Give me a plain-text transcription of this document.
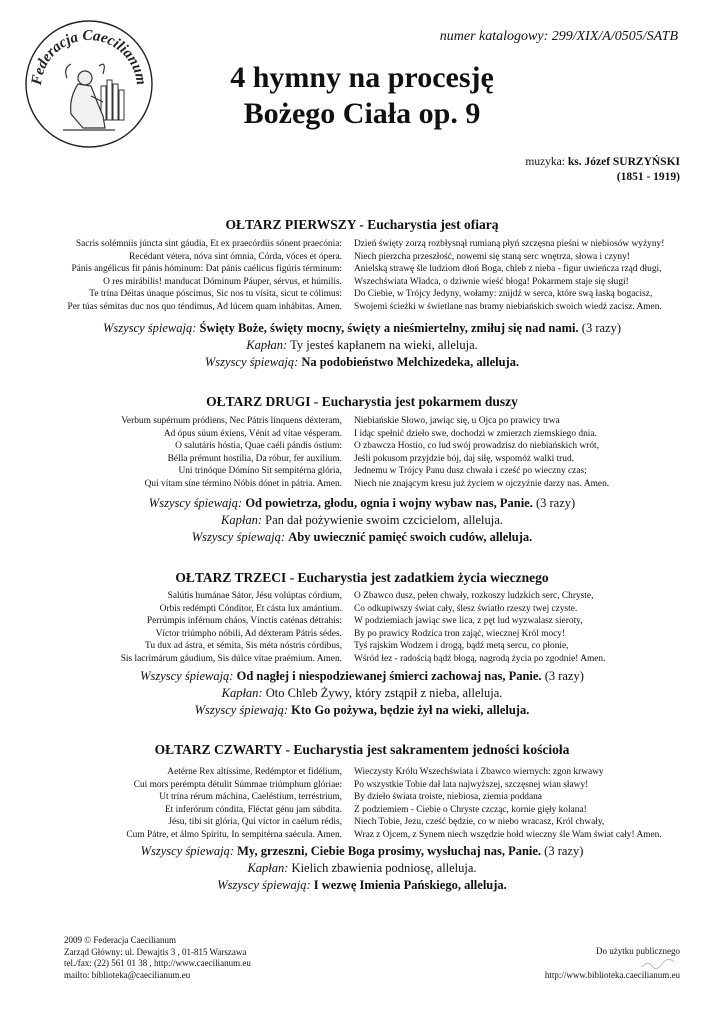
Federacja Caecilianum
numer katalogowy: 299/XIX/A/0505/SATB
4 hymny na procesję
Bożego Ciała op. 9
muzyka: ks. Józef SURZYŃSKI
(1851 - 1919)
OŁTARZ PIERWSZY - Eucharystia jest ofiarą
Sacris solémniis júncta sint gáudia, Et ex praecórdiis sónent praecónia:
Recédant vétera, nóva sint ómnia, Córda, vóces et ópera.
Pánis angélicus fit pánis hóminum: Dat pánis caélicus figúris términum:
O res mirábilis! manducat Dóminum Páuper, sérvus, et húmilis.
Te trína Déitas únaque póscimus, Sic nos tu vísita, sicut te cólimus:
Per túas sémitas duc nos quo téndimus, Ad lúcem quam inhábitas. Amen.
Dzień święty zorzą rozbłysnął rumianą płyń szczęsna pieśni w niebiosów wyżyny!
Niech pierzcha przeszłość, nowemi się staną serc wnętrza, słowa i czyny!
Anielską strawę śle ludziom dłoń Boga, chleb z nieba - figur uwieńcza rząd długi,
Wszechświata Władca, o dziwnie wieść błoga! Pokarmem staje się sługi!
Do Ciebie, w Trójcy Jedyny, wołamy: znijdź w serca, które swą łaską bogacisz,
Swojemi ścieżki w świetlane nas bramy niebiańskich swoich wiedź zacisz. Amen.
Wszyscy śpiewają: Święty Boże, święty mocny, święty a nieśmiertelny, zmiłuj się nad nami. (3 razy)
Kapłan: Ty jesteś kapłanem na wieki, alleluja.
Wszyscy śpiewają: Na podobieństwo Melchizedeka, alleluja.
OŁTARZ DRUGI - Eucharystia jest pokarmem duszy
Verbum supérnum pródiens, Nec Pátris línquens déxteram,
Ad ópus súum éxiens, Vénit ad vítae vésperam.
O salutáris hóstia, Quae caéli pándis óstium:
Bélla prémunt hostília, Da róbur, fer auxílium.
Uni trinóque Dómino Sit sempitérna glória,
Qui vítam síne término Nóbis dónet in pátria. Amen.
Niebiańskie Słowo, jawiąc się, u Ojca po prawicy trwa
I idąc spełnić dzieło swe, dochodzi w zmierzch ziemskiego dnia.
O zbawcza Hostio, co lud swój prowadzisz do niebiańskich wrót,
Jeśli pokusom przyjdzie bój, daj siłę, wspomóż walki trud.
Jednemu w Trójcy Panu dusz chwała i cześć po wieczny czas;
Niech nie znającym kresu już życiem w ojczyźnie darzy nas. Amen.
Wszyscy śpiewają: Od powietrza, głodu, ognia i wojny wybaw nas, Panie. (3 razy)
Kapłan: Pan dał pożywienie swoim czcicielom, alleluja.
Wszyscy śpiewają: Aby uwiecznić pamięć swoich cudów, alleluja.
OŁTARZ TRZECI - Eucharystia jest zadatkiem życia wiecznego
Salútis humánae Sátor, Jésu volúptas córdium,
Orbis redémpti Cónditor, Et cásta lux amántium.
Perrúmpis inférnum cháos, Vínctis caténas détrahis:
Víctor triúmpho nóbili, Ad déxteram Pátris sédes.
Tu dux ad ástra, et sémita, Sis méta nóstris córdibus,
Sis lacrimárum gáudium, Sis dúlce vítae praémium. Amen.
O Zbawco dusz, pełen chwały, rozkoszy ludzkich serc, Chryste,
Co odkupiwszy świat cały, ślesz światło rzeszy twej czyste.
W podziemiach jawiąc swe lica, z pęt lud wyzwalasz sieroty,
By po prawicy Rodzica tron zająć, wiecznej Król mocy!
Tyś rajskim Wodzem i drogą, bądź metą sercu, co płonie,
Wśród łez - radością bądź błogą, nagrodą życia po zgodnie! Amen.
Wszyscy śpiewają: Od nagłej i niespodziewanej śmierci zachowaj nas, Panie. (3 razy)
Kapłan: Oto Chleb Żywy, który zstąpił z nieba, alleluja.
Wszyscy śpiewają: Kto Go pożywa, będzie żył na wieki, alleluja.
OŁTARZ CZWARTY - Eucharystia jest sakramentem jedności kościoła
Aetérne Rex altíssime, Redémptor et fidélium,
Cui mors perémpta détulit Súmmae triúmphum glóriae:
Ut trína rérum máchina, Caeléstium, terréstrium,
Et inferórum cóndita, Fléctat génu jam súbdita.
Jésu, tibi sit glória, Qui víctor in caélum rédis,
Cum Pátre, et álmo Spíritu, In sempitérna saécula. Amen.
Wieczysty Królu Wszechświata i Zbawco wiernych: zgon krwawy
Po wszystkie Tobie dał lata najwyższej, szczęsnej wian sławy!
By dzieło świata troiste, niebiosa, ziemia poddana
Z podziemiem - Ciebie o Chryste czcząc, kornie gięły kolana!
Niech Tobie, Jezu, cześć będzie, co w niebo wracasz, Król chwały,
Wraz z Ojcem, z Synem niech wszędzie hołd wieczny śle Wam świat cały! Amen.
Wszyscy śpiewają: My, grzeszni, Ciebie Boga prosimy, wysłuchaj nas, Panie. (3 razy)
Kapłan: Kielich zbawienia podniosę, alleluja.
Wszyscy śpiewają: I wezwę Imienia Pańskiego, alleluja.
2009 © Federacja Caecilianum
Zarząd Główny: ul. Dewajtis 3 , 01-815 Warszawa
tel./fax: (22) 561 01 38 , http://www.caecilianum.eu
mailto: biblioteka@caecilianum.eu
Do użytku publicznego
http://www.biblioteka.caecilianum.eu
